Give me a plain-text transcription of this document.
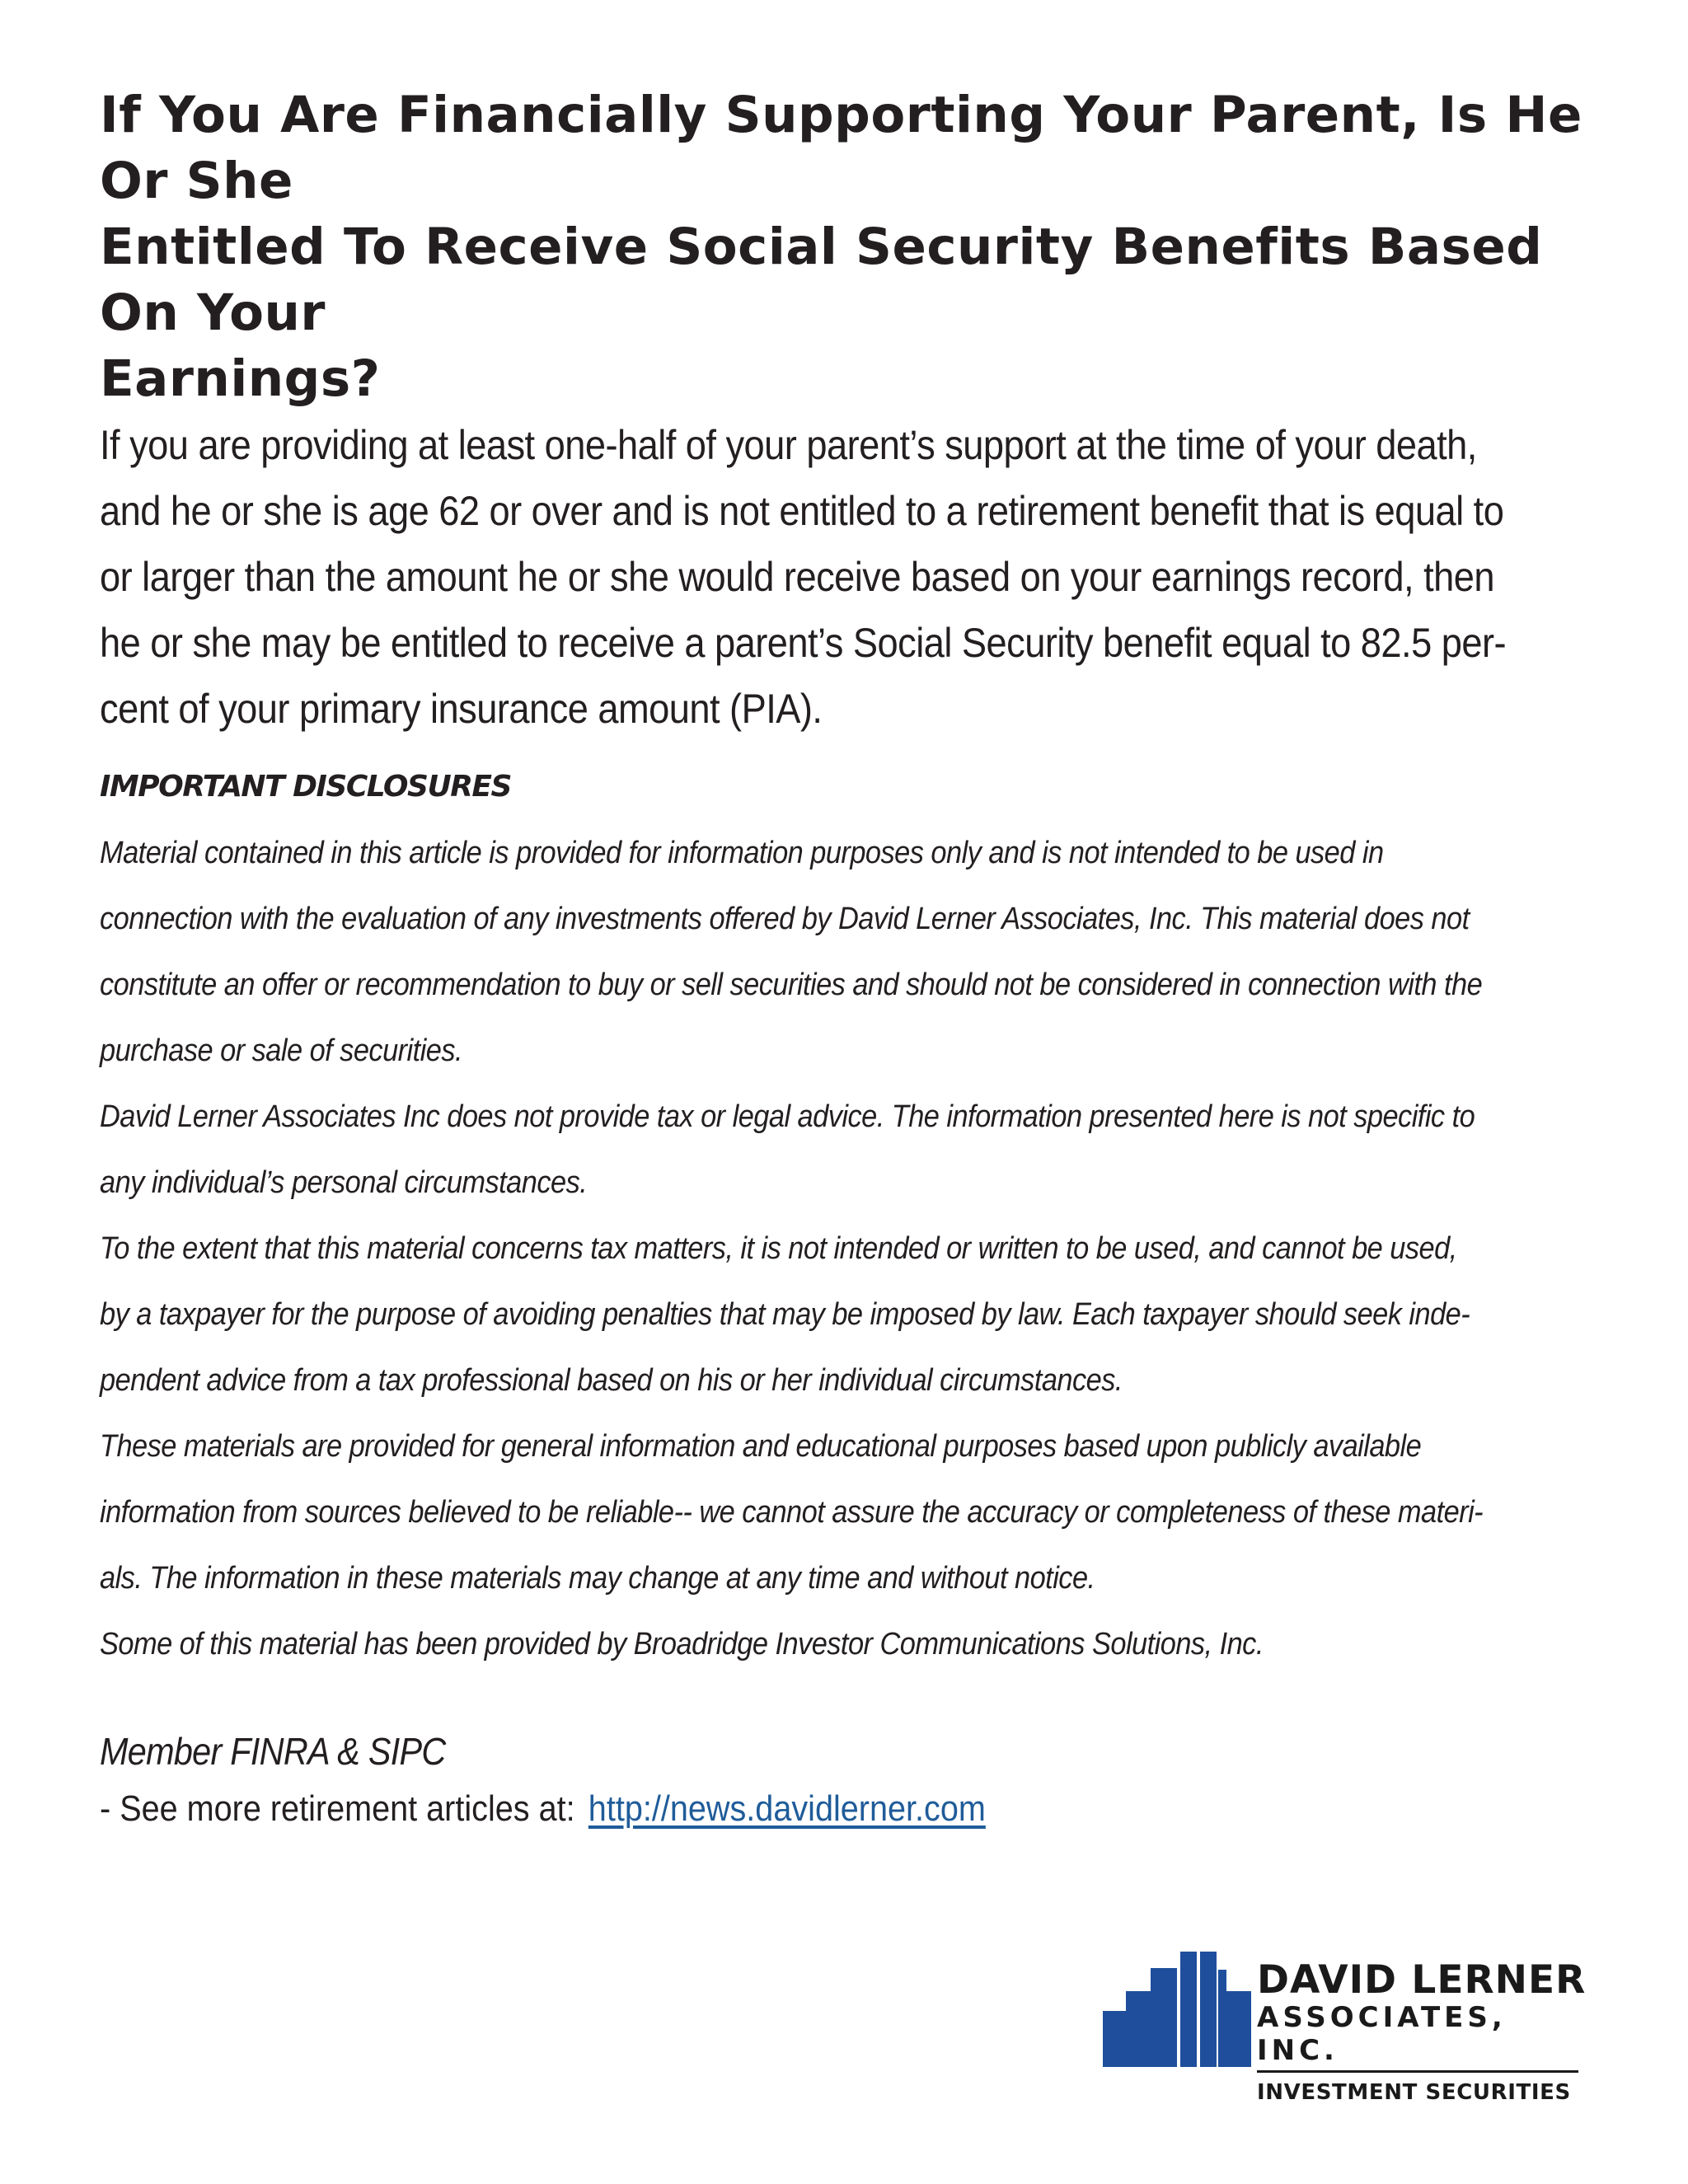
If You Are Financially Supporting Your Parent, Is He Or She
Entitled To Receive Social Security Benefits Based On Your
Earnings?
If you are providing at least one-half of your parent’s support at the time of your death,
and he or she is age 62 or over and is not entitled to a retirement benefit that is equal to
or larger than the amount he or she would receive based on your earnings record, then
he or she may be entitled to receive a parent’s Social Security benefit equal to 82.5 per-
cent of your primary insurance amount (PIA).
IMPORTANT DISCLOSURES
Material contained in this article is provided for information purposes only and is not intended to be used in
connection with the evaluation of any investments offered by David Lerner Associates, Inc. This material does not
constitute an offer or recommendation to buy or sell securities and should not be considered in connection with the
purchase or sale of securities.
David Lerner Associates Inc does not provide tax or legal advice. The information presented here is not specific to
any individual’s personal circumstances.
To the extent that this material concerns tax matters, it is not intended or written to be used, and cannot be used,
by a taxpayer for the purpose of avoiding penalties that may be imposed by law. Each taxpayer should seek inde-
pendent advice from a tax professional based on his or her individual circumstances.
These materials are provided for general information and educational purposes based upon publicly available
information from sources believed to be reliable-- we cannot assure the accuracy or completeness of these materi-
als. The information in these materials may change at any time and without notice.
Some of this material has been provided by Broadridge Investor Communications Solutions, Inc.
Member FINRA & SIPC
- See more retirement articles at: http://news.davidlerner.com
DAVID LERNER
ASSOCIATES, INC.
INVESTMENT SECURITIES
